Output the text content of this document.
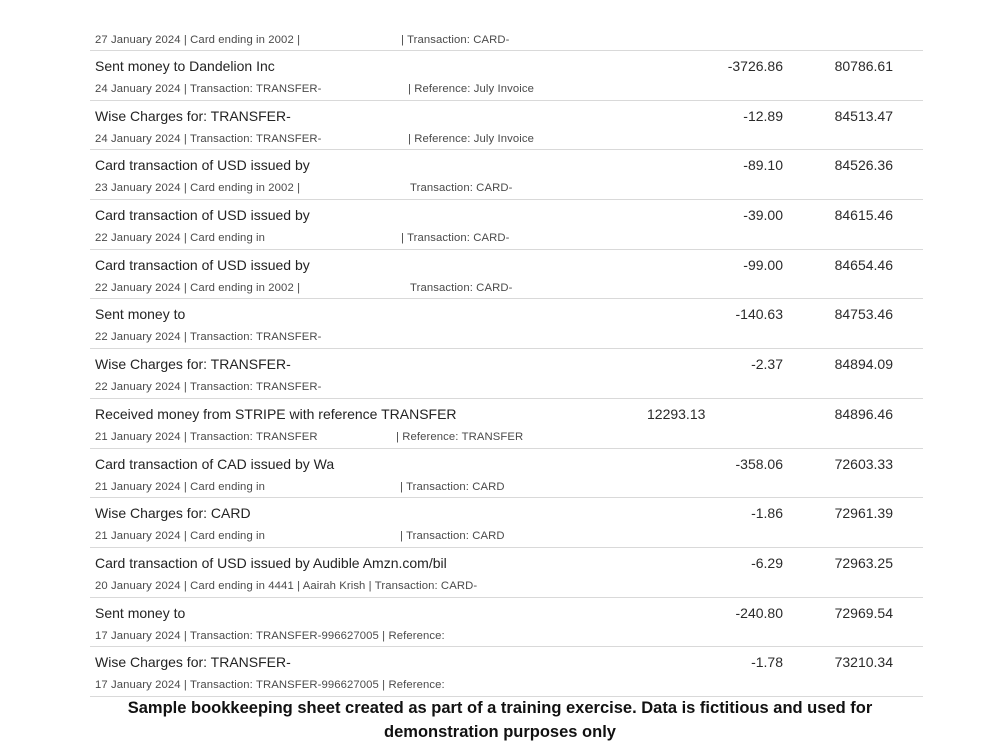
27 January 2024 | Card ending in 2002 |	| Transaction: CARD-
Sent money to Dandelion Inc
24 January 2024 | Transaction: TRANSFER-	| Reference: July Invoice
-3726.86	80786.61
Wise Charges for: TRANSFER-
24 January 2024 | Transaction: TRANSFER-	| Reference: July Invoice
-12.89	84513.47
Card transaction of USD issued by
23 January 2024 | Card ending in 2002 |	Transaction: CARD-
-89.10	84526.36
Card transaction of USD issued by
22 January 2024 | Card ending in	| Transaction: CARD-
-39.00	84615.46
Card transaction of USD issued by
22 January 2024 | Card ending in 2002 |	Transaction: CARD-
-99.00	84654.46
Sent money to
22 January 2024 | Transaction: TRANSFER-
-140.63	84753.46
Wise Charges for: TRANSFER-
22 January 2024 | Transaction: TRANSFER-
-2.37	84894.09
Received money from STRIPE with reference TRANSFER
21 January 2024 | Transaction: TRANSFER	| Reference: TRANSFER
12293.13	84896.46
Card transaction of CAD issued by Wa
21 January 2024 | Card ending in	| Transaction: CARD
-358.06	72603.33
Wise Charges for: CARD
21 January 2024 | Card ending in	| Transaction: CARD
-1.86	72961.39
Card transaction of USD issued by Audible Amzn.com/bil
20 January 2024 | Card ending in 4441 | Aairah Krish | Transaction: CARD-
-6.29	72963.25
Sent money to
17 January 2024 | Transaction: TRANSFER-996627005 | Reference:
-240.80	72969.54
Wise Charges for: TRANSFER-
17 January 2024 | Transaction: TRANSFER-996627005 | Reference:
-1.78	73210.34
Sample bookkeeping sheet created as part of a training exercise. Data is fictitious and used for
demonstration purposes only
